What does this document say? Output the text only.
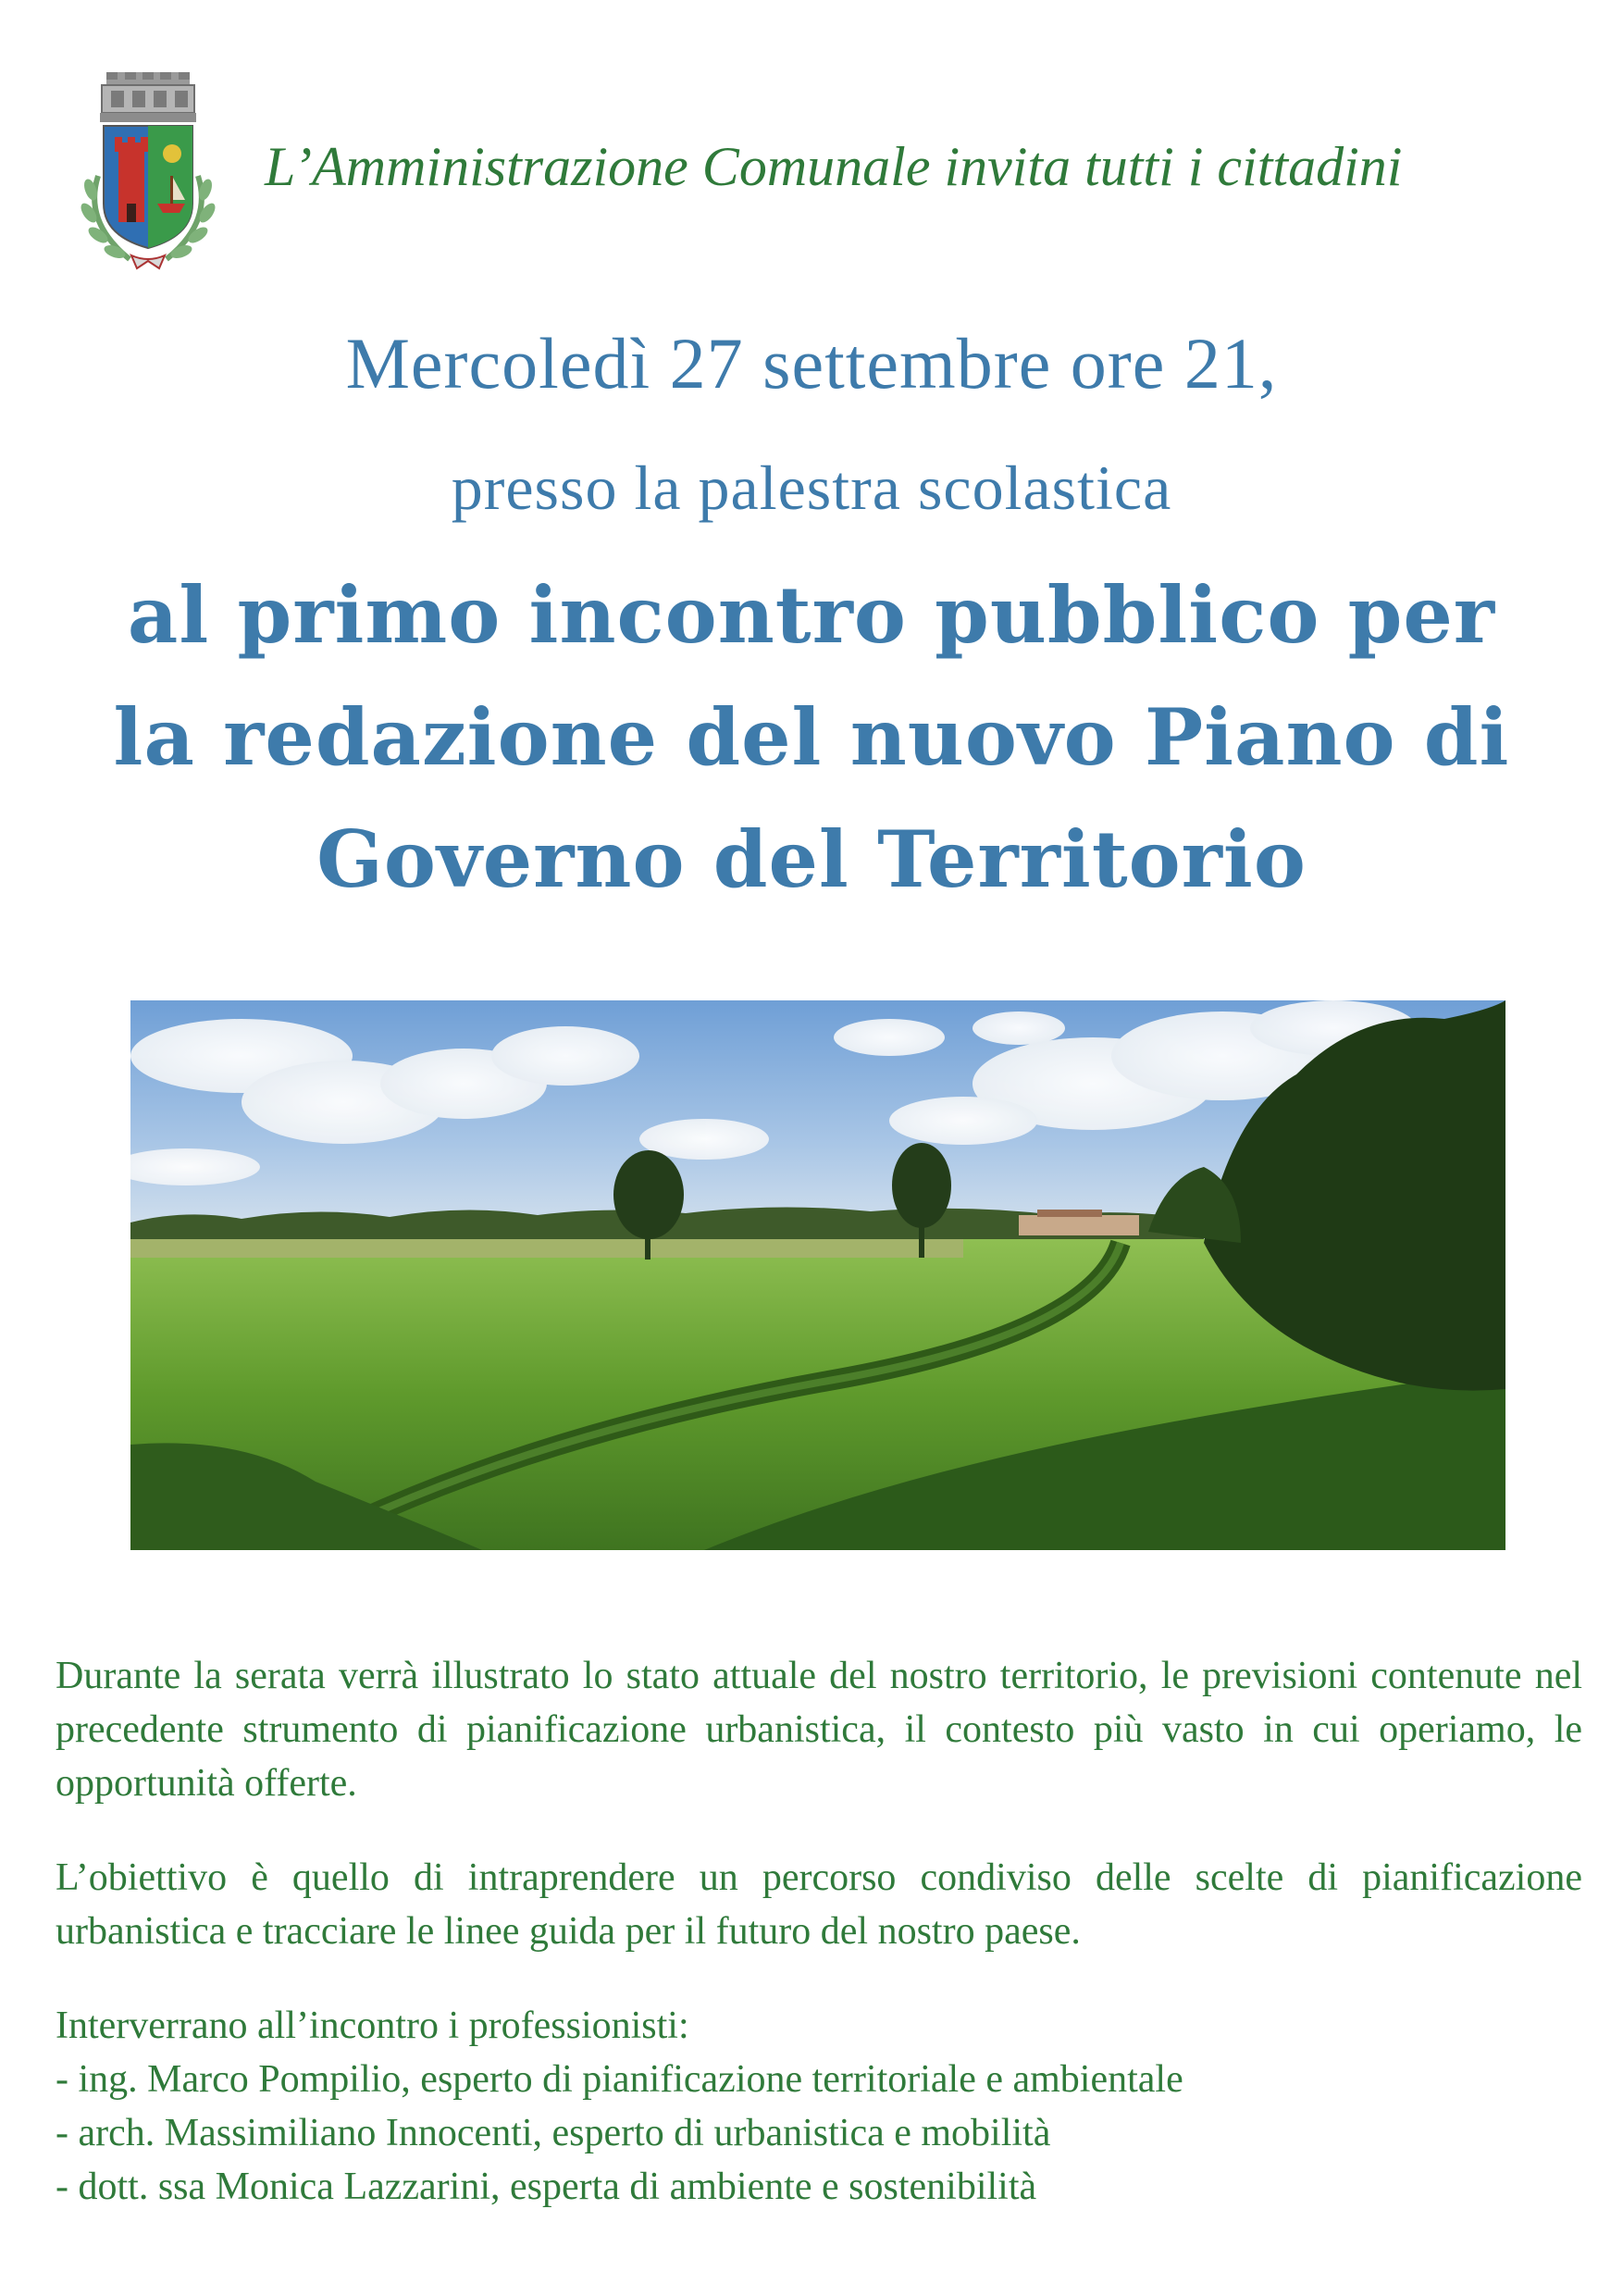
L’Amministrazione Comunale invita tutti i cittadini
Mercoledì 27 settembre ore 21,
presso la palestra scolastica
al primo incontro pubblico per
la redazione del nuovo Piano di
Governo del Territorio

Durante la serata verrà illustrato lo stato attuale del nostro territorio, le previsioni contenute nel precedente strumento di pianificazione urbanistica, il contesto più vasto in cui operiamo, le opportunità offerte.

L’obiettivo è quello di intraprendere un percorso condiviso delle scelte di pianificazione urbanistica e tracciare le linee guida per il futuro del nostro paese.

Interverrano all’incontro i professionisti:
- ing. Marco Pompilio, esperto di pianificazione territoriale e ambientale
- arch. Massimiliano Innocenti, esperto di urbanistica e mobilità
- dott. ssa Monica Lazzarini, esperta di ambiente e sostenibilità
